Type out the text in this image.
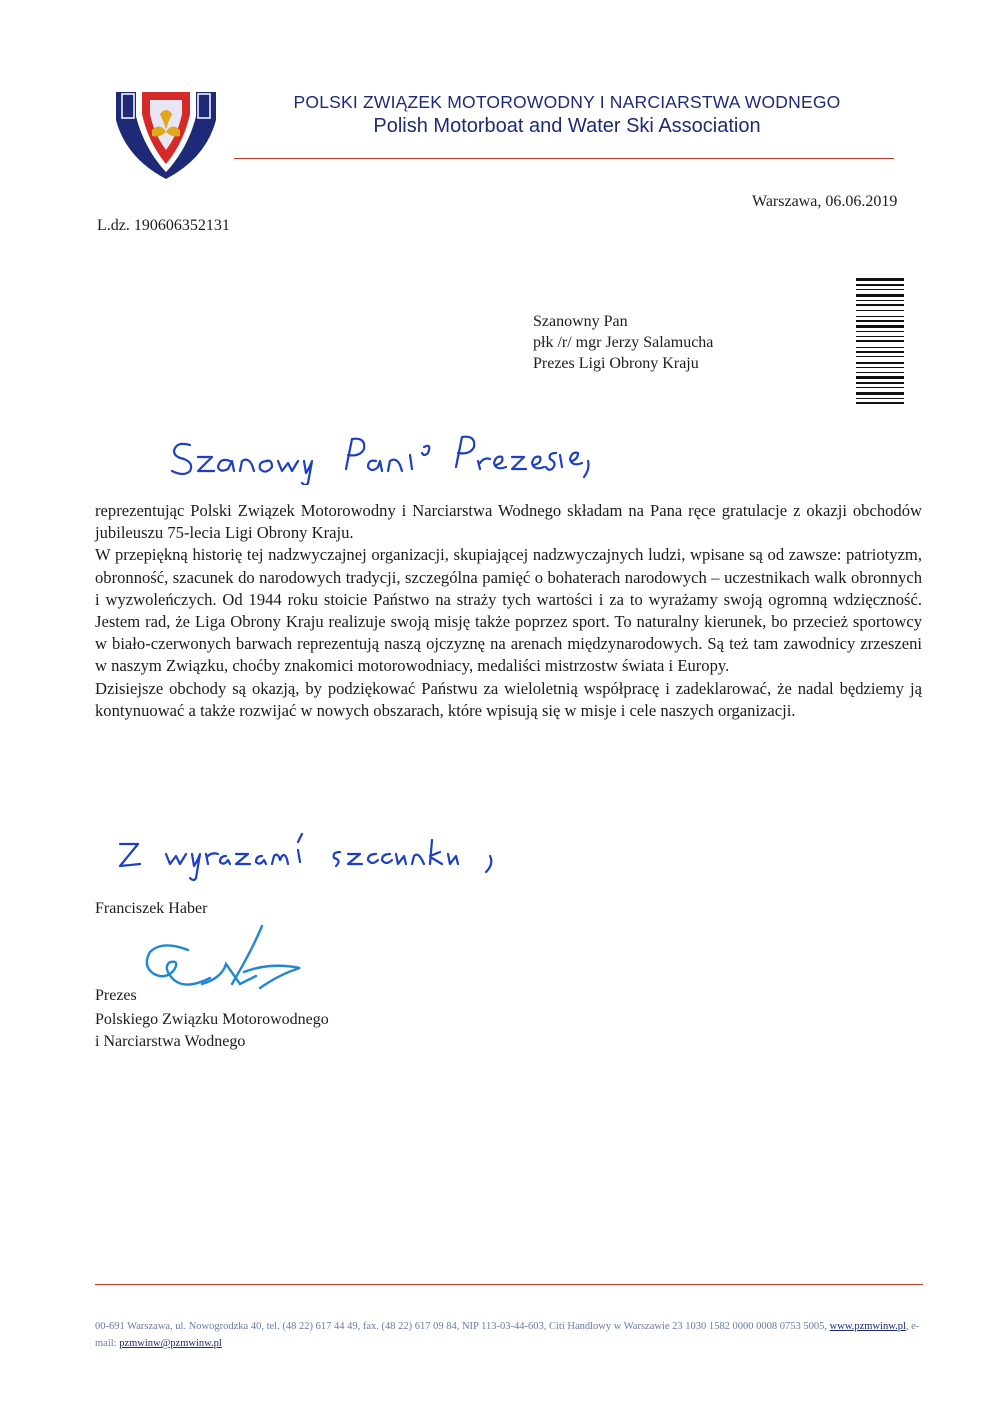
POLSKI ZWIĄZEK MOTOROWODNY I NARCIARSTWA WODNEGO
Polish Motorboat and Water Ski Association
Warszawa, 06.06.2019
L.dz. 190606352131
Szanowny Pan
płk /r/ mgr Jerzy Salamucha
Prezes Ligi Obrony Kraju

reprezentując Polski Związek Motorowodny i Narciarstwa Wodnego składam na Pana ręce gratulacje z okazji obchodów jubileuszu 75-lecia Ligi Obrony Kraju.

W przepiękną historię tej nadzwyczajnej organizacji, skupiającej nadzwyczajnych ludzi, wpisane są od zawsze: patriotyzm, obronność, szacunek do narodowych tradycji, szczególna pamięć o bohaterach narodowych – uczestnikach walk obronnych i wyzwoleńczych. Od 1944 roku stoicie Państwo na straży tych wartości i za to wyrażamy swoją ogromną wdzięczność. Jestem rad, że Liga Obrony Kraju realizuje swoją misję także poprzez sport. To naturalny kierunek, bo przecież sportowcy w biało-czerwonych barwach reprezentują naszą ojczyznę na arenach międzynarodowych. Są też tam zawodnicy zrzeszeni w naszym Związku, choćby znakomici motorowodniacy, medaliści mistrzostw świata i Europy.

Dzisiejsze obchody są okazją, by podziękować Państwu za wieloletnią współpracę i zadeklarować, że nadal będziemy ją kontynuować a także rozwijać w nowych obszarach, które wpisują się w misje i cele naszych organizacji.

Franciszek Haber
Prezes
Polskiego Związku Motorowodnego
i Narciarstwa Wodnego
00-691 Warszawa, ul. Nowogrodzka 40, tel. (48 22) 617 44 49, fax. (48 22) 617 09 84, NIP 113-03-44-603, Citi Handlowy w Warszawie 23 1030 1582 0000 0008 0753 5005, www.pzmwinw.pl, e-mail: pzmwinw@pzmwinw.pl
